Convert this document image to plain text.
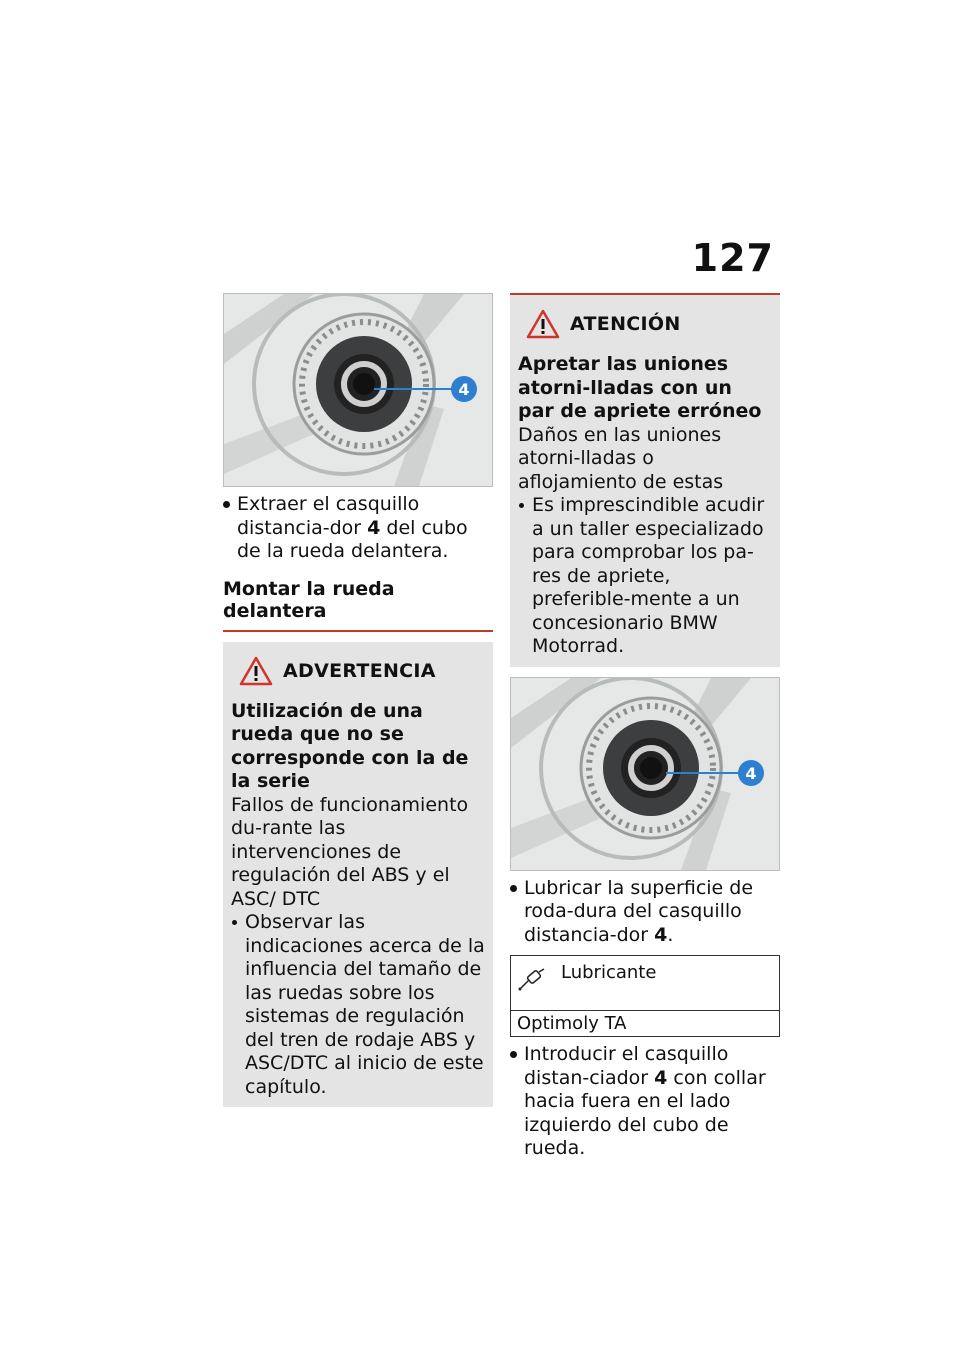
127
4
Extraer el casquillo distancia-dor 4 del cubo de la rueda delantera.
Montar la rueda delantera
ADVERTENCIA
Utilización de una rueda que no se corresponde con la de la serie
Fallos de funcionamiento du-rante las intervenciones de regulación del ABS y el ASC/ DTC
Observar las indicaciones acerca de la influencia del tamaño de las ruedas sobre los sistemas de regulación del tren de rodaje ABS y ASC/DTC al inicio de este capítulo.
ATENCIÓN
Apretar las uniones atorni-lladas con un par de apriete erróneo
Daños en las uniones atorni-lladas o aflojamiento de estas
Es imprescindible acudir a un taller especializado para comprobar los pa-res de apriete, preferible-mente a un concesionario BMW Motorrad.
4
Lubricar la superficie de roda-dura del casquillo distancia-dor 4.
Lubricante
Optimoly TA
Introducir el casquillo distan-ciador 4 con collar hacia fuera en el lado izquierdo del cubo de rueda.
